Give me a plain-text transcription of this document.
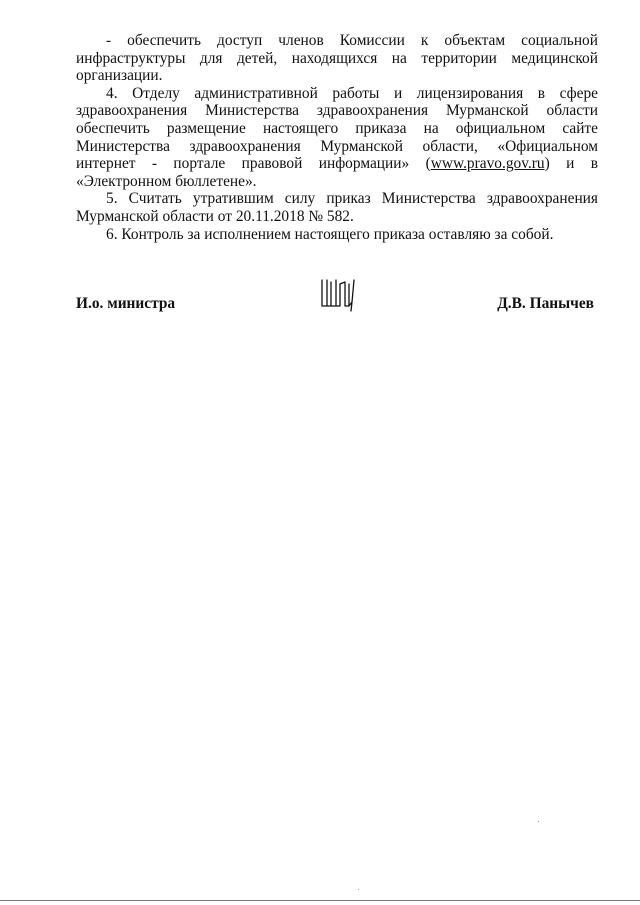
- обеспечить доступ членов Комиссии к объектам социальной инфраструктуры для детей, находящихся на территории медицинской организации.

4. Отделу административной работы и лицензирования в сфере здравоохранения Министерства здравоохранения Мурманской области обеспечить размещение настоящего приказа на официальном сайте Министерства здравоохранения Мурманской области, «Официальном интернет - портале правовой информации» (www.pravo.gov.ru) и в «Электронном бюллетене».

5. Считать утратившим силу приказ Министерства здравоохранения Мурманской области от 20.11.2018 № 582.

6. Контроль за исполнением настоящего приказа оставляю за собой.

И.о. министра	Д.В. Панычев
